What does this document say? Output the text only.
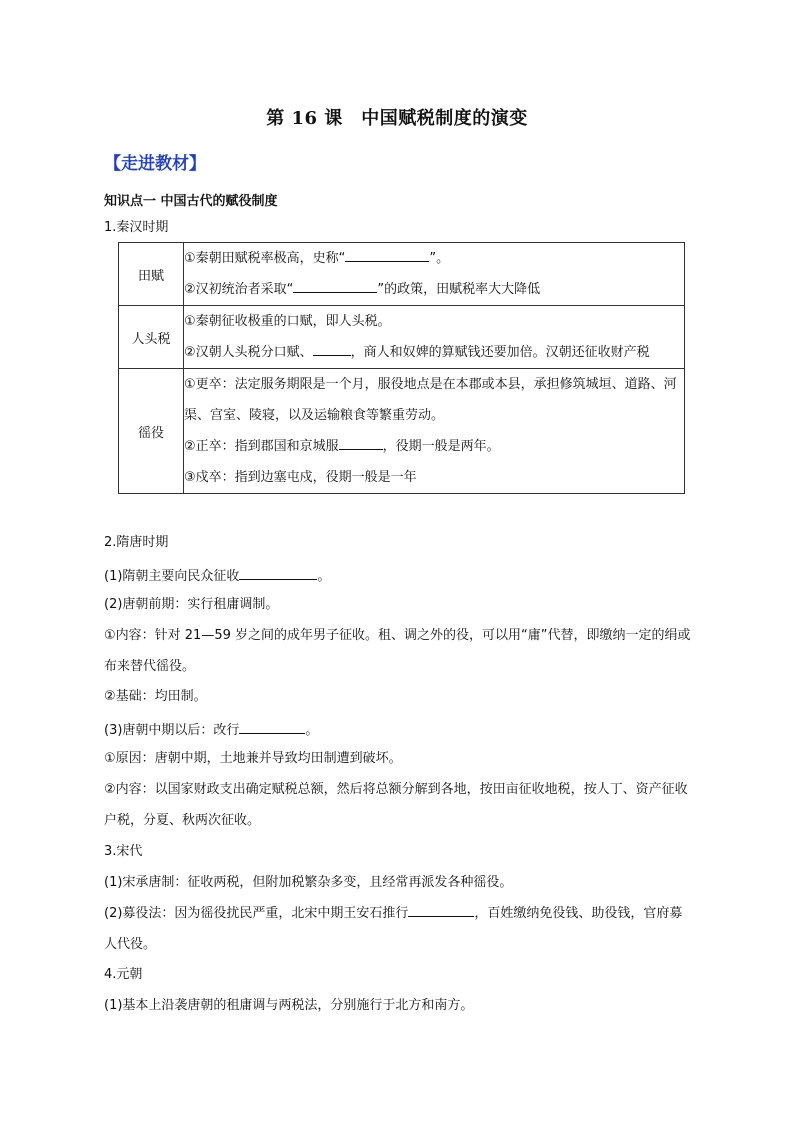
第 16 课　中国赋税制度的演变
【走进教材】
知识点一 中国古代的赋役制度
1.秦汉时期
田赋	①秦朝田赋税率极高，史称“ ”。
②汉初统治者采取“ ”的政策，田赋税率大大降低

人头税	①秦朝征收极重的口赋，即人头税。
②汉朝人头税分口赋、 ，商人和奴婢的算赋钱还要加倍。汉朝还征收财产税

徭役	①更卒：法定服务期限是一个月，服役地点是在本郡或本县，承担修筑城垣、道路、河渠、宫室、陵寝，以及运输粮食等繁重劳动。
②正卒：指到郡国和京城服 ，役期一般是两年。
③戍卒：指到边塞屯戍，役期一般是一年
2.隋唐时期
(1)隋朝主要向民众征收	。
(2)唐朝前期：实行租庸调制。
①内容：针对 21—59 岁之间的成年男子征收。租、调之外的役，可以用“庸”代替，即缴纳一定的绢或布来替代徭役。
②基础：均田制。
(3)唐朝中期以后：改行	。
①原因：唐朝中期，土地兼并导致均田制遭到破坏。
②内容：以国家财政支出确定赋税总额，然后将总额分解到各地，按田亩征收地税，按人丁、资产征收户税，分夏、秋两次征收。
3.宋代
(1)宋承唐制：征收两税，但附加税繁杂多变，且经常再派发各种徭役。
(2)募役法：因为徭役扰民严重，北宋中期王安石推行	，百姓缴纳免役钱、助役钱，官府募人代役。
4.元朝
(1)基本上沿袭唐朝的租庸调与两税法，分别施行于北方和南方。
